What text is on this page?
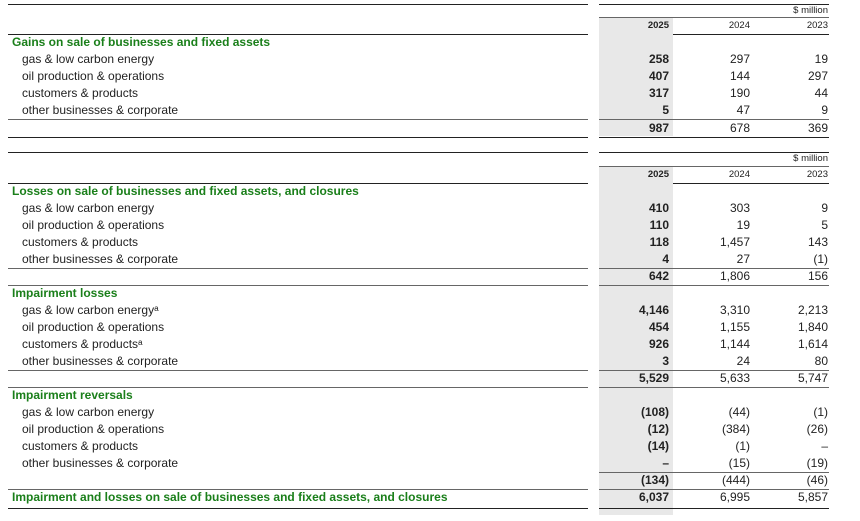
$ million
2025	2024	2023
Gains on sale of businesses and fixed assets
gas & low carbon energy	258	297	19
oil production & operations	407	144	297
customers & products	317	190	44
other businesses & corporate	5	47	9
987	678	369
$ million
2025	2024	2023
Losses on sale of businesses and fixed assets, and closures
gas & low carbon energy	410	303	9
oil production & operations	110	19	5
customers & products	118	1,457	143
other businesses & corporate	4	27	(1)
642	1,806	156
Impairment losses
gas & low carbon energyᵃ	4,146	3,310	2,213
oil production & operations	454	1,155	1,840
customers & productsᵃ	926	1,144	1,614
other businesses & corporate	3	24	80
5,529	5,633	5,747
Impairment reversals
gas & low carbon energy	(108)	(44)	(1)
oil production & operations	(12)	(384)	(26)
customers & products	(14)	(1)	–
other businesses & corporate	–	(15)	(19)
(134)	(444)	(46)
Impairment and losses on sale of businesses and fixed assets, and closures	6,037	6,995	5,857
